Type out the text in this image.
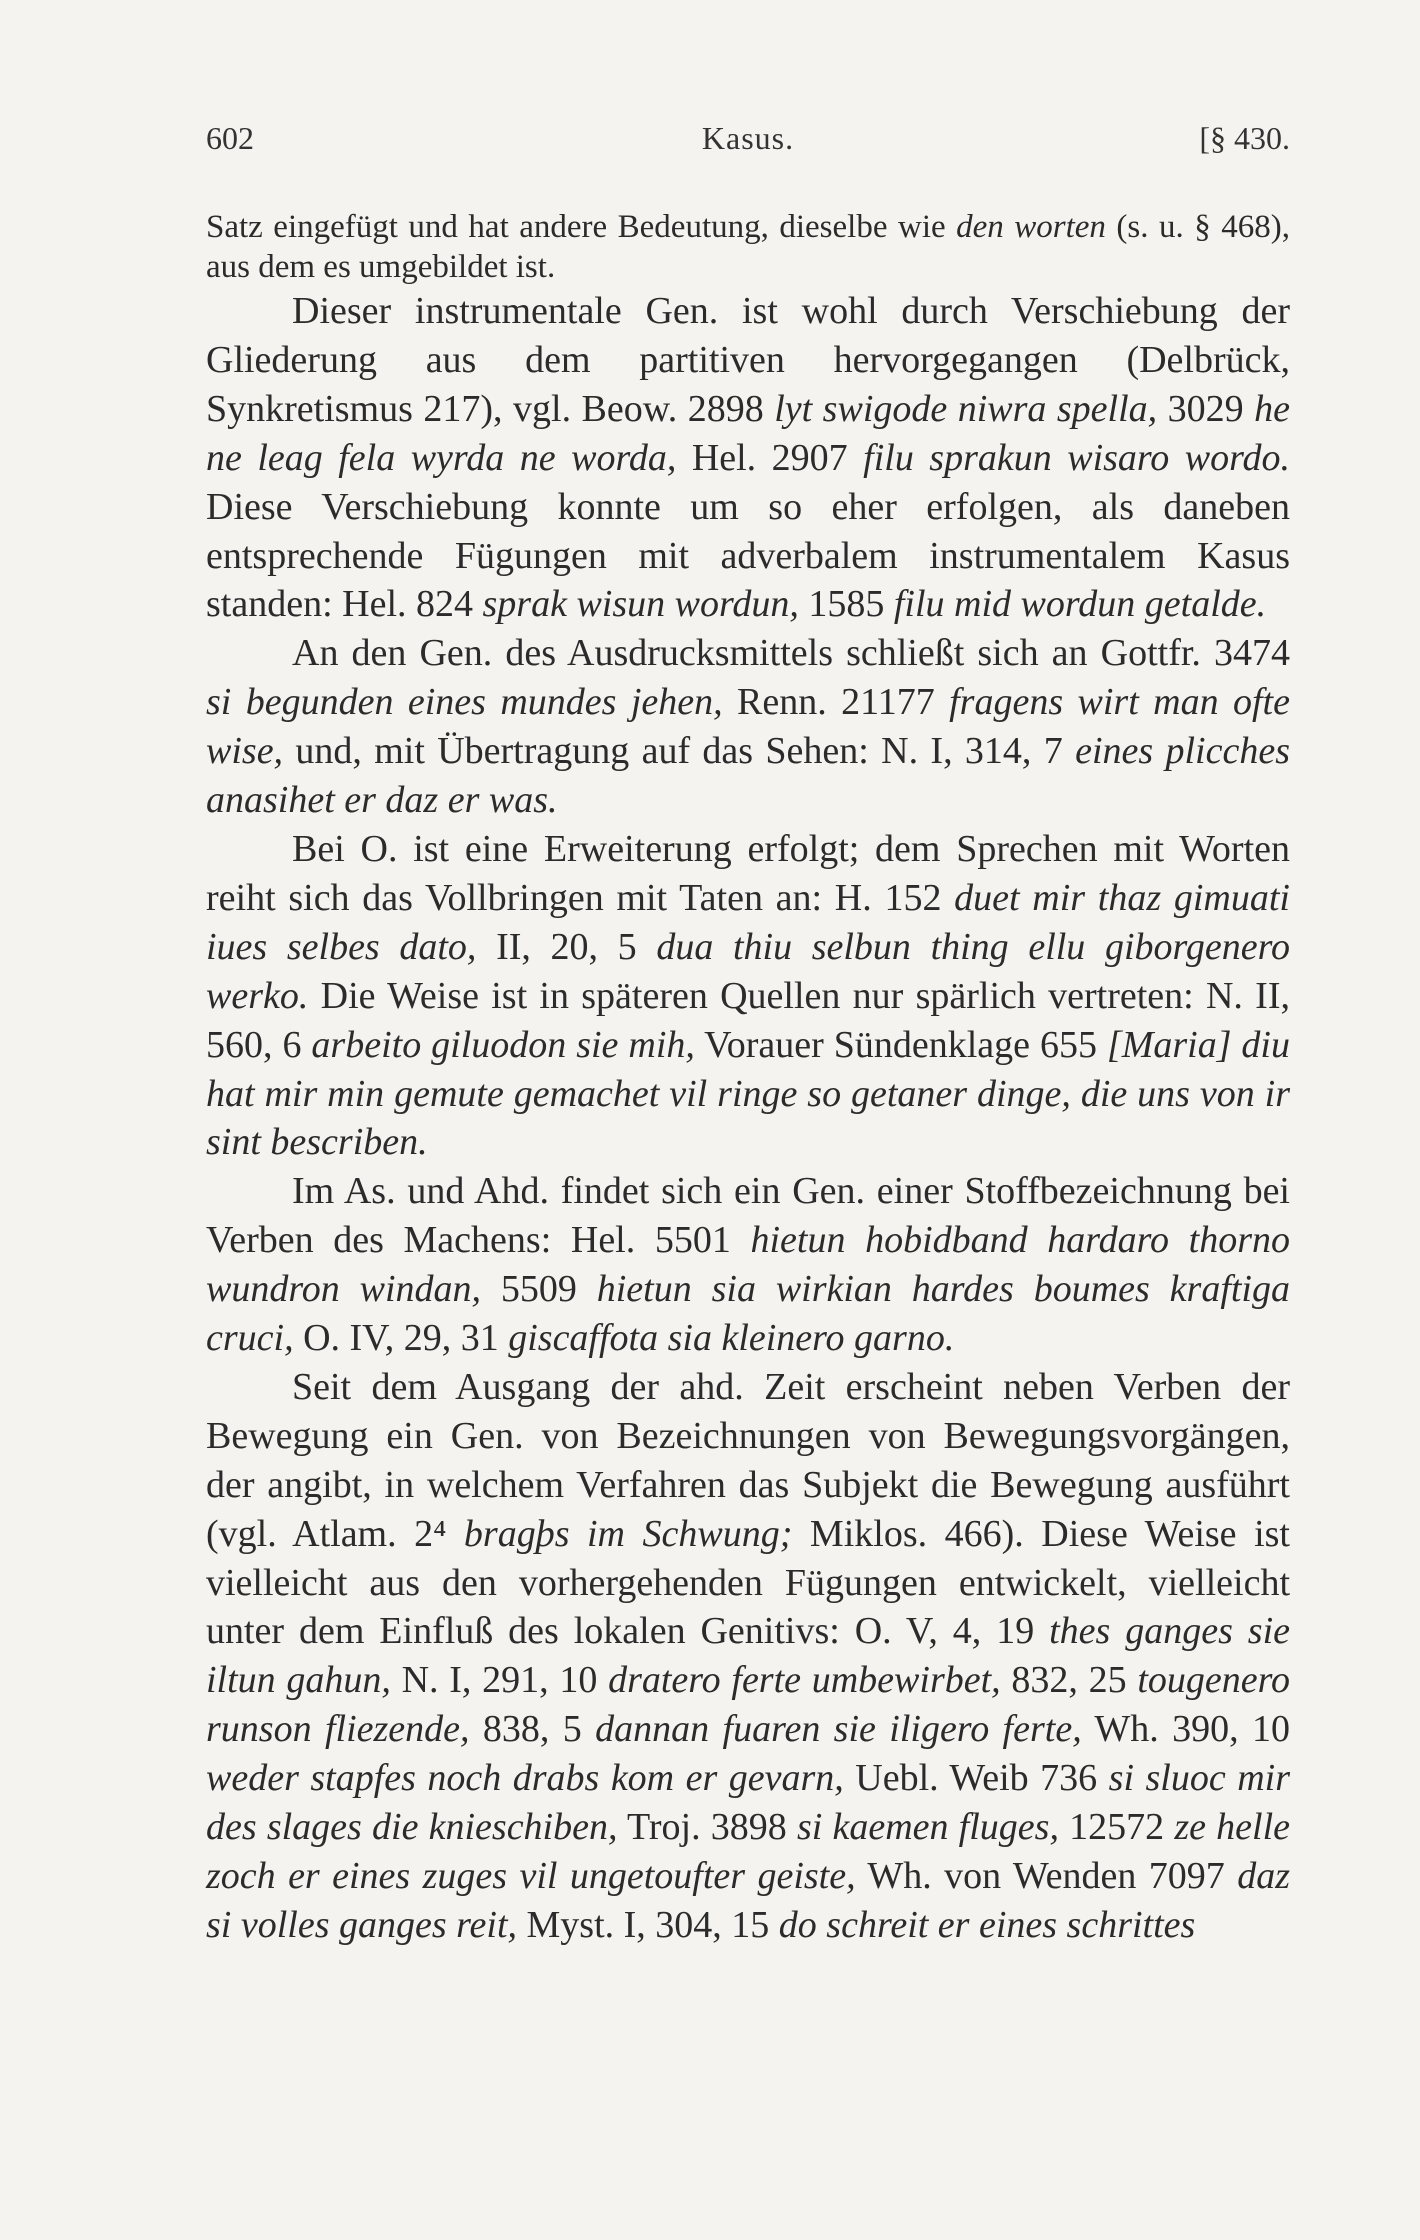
602	Kasus.	[§ 430.

Satz eingefügt und hat andere Bedeutung, dieselbe wie den worten (s. u. § 468), aus dem es umgebildet ist.

Dieser instrumentale Gen. ist wohl durch Verschiebung der Gliederung aus dem partitiven hervorgegangen (Delbrück, Synkretismus 217), vgl. Beow. 2898 lyt swigode niwra spella, 3029 he ne leag fela wyrda ne worda, Hel. 2907 filu sprakun wisaro wordo. Diese Verschiebung konnte um so eher erfolgen, als daneben entsprechende Fügungen mit adverbalem instrumentalem Kasus standen: Hel. 824 sprak wisun wordun, 1585 filu mid wordun getalde.

An den Gen. des Ausdrucksmittels schließt sich an Gottfr. 3474 si begunden eines mundes jehen, Renn. 21177 fragens wirt man ofte wise, und, mit Übertragung auf das Sehen: N. I, 314, 7 eines plicches anasihet er daz er was.

Bei O. ist eine Erweiterung erfolgt; dem Sprechen mit Worten reiht sich das Vollbringen mit Taten an: H. 152 duet mir thaz gimuati iues selbes dato, II, 20, 5 dua thiu selbun thing ellu giborgenero werko. Die Weise ist in späteren Quellen nur spärlich vertreten: N. II, 560, 6 arbeito giluodon sie mih, Vorauer Sündenklage 655 [Maria] diu hat mir min gemute gemachet vil ringe so getaner dinge, die uns von ir sint bescriben.

Im As. und Ahd. findet sich ein Gen. einer Stoffbezeichnung bei Verben des Machens: Hel. 5501 hietun hobidband hardaro thorno wundron windan, 5509 hietun sia wirkian hardes boumes kraftiga cruci, O. IV, 29, 31 giscaffota sia kleinero garno.

Seit dem Ausgang der ahd. Zeit erscheint neben Verben der Bewegung ein Gen. von Bezeichnungen von Bewegungsvorgängen, der angibt, in welchem Verfahren das Subjekt die Bewegung ausführt (vgl. Atlam. 2⁴ bragþs im Schwung; Miklos. 466). Diese Weise ist vielleicht aus den vorhergehenden Fügungen entwickelt, vielleicht unter dem Einfluß des lokalen Genitivs: O. V, 4, 19 thes ganges sie iltun gahun, N. I, 291, 10 dratero ferte umbewirbet, 832, 25 tougenero runson fliezende, 838, 5 dannan fuaren sie iligero ferte, Wh. 390, 10 weder stapfes noch drabs kom er gevarn, Uebl. Weib 736 si sluoc mir des slages die knieschiben, Troj. 3898 si kaemen fluges, 12572 ze helle zoch er eines zuges vil ungetoufter geiste, Wh. von Wenden 7097 daz si volles ganges reit, Myst. I, 304, 15 do schreit er eines schrittes
